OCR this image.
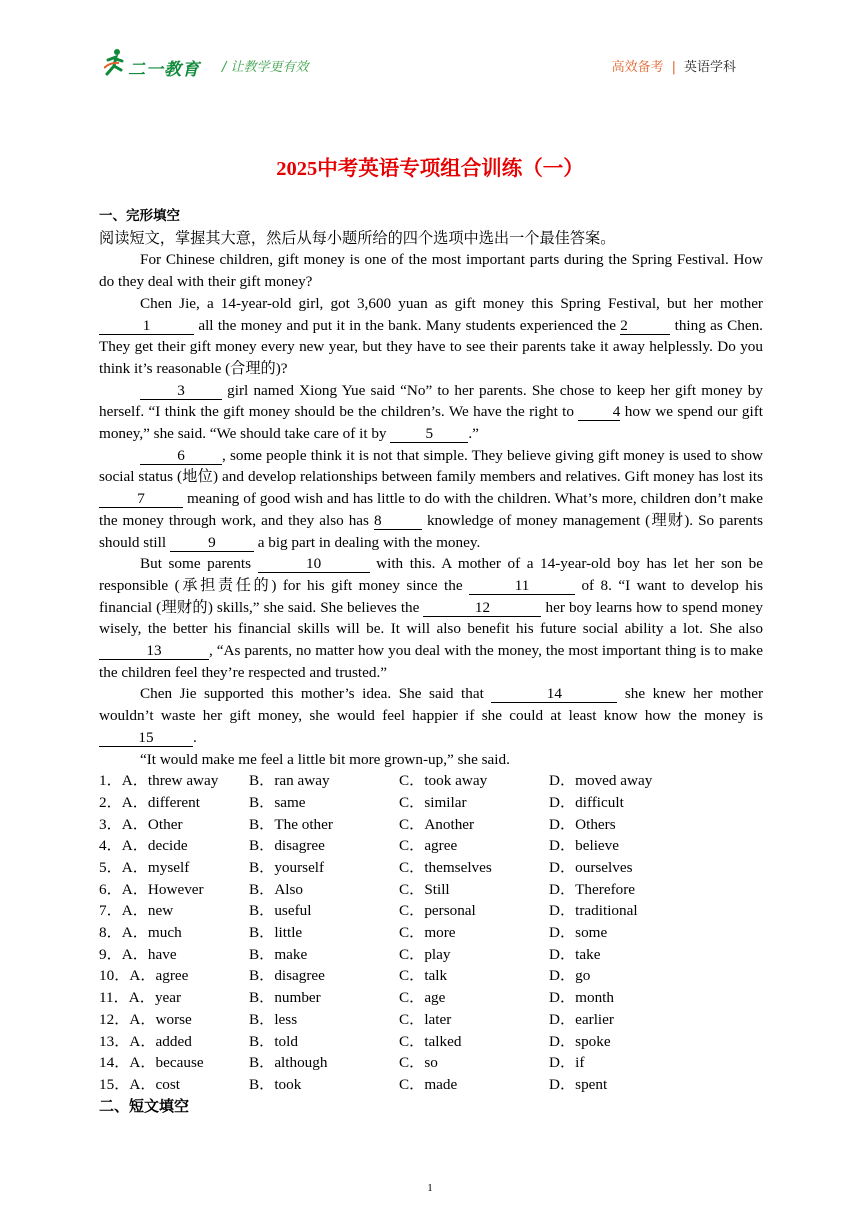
二一教育 / 让教学更有效	高效备考 | 英语学科
2025中考英语专项组合训练（一）
一、完形填空

阅读短文，掌握其大意，然后从每小题所给的四个选项中选出一个最佳答案。

For Chinese children, gift money is one of the most important parts during the Spring Festival. How do they deal with their gift money?

Chen Jie, a 14-year-old girl, got 3,600 yuan as gift money this Spring Festival, but her mother 1	all the money and put it in the bank. Many students experienced the 2	thing as Chen. They get their gift money every new year, but they have to see their parents take it away helplessly. Do you think it’s reasonable (合理的)?

3 girl named Xiong Yue said “No” to her parents. She chose to keep her gift money by herself. “I think the gift money should be the children’s. We have the right to 4 how we spend our gift money,” she said. “We should take care of it by 5 .”

6 , some people think it is not that simple. They believe giving gift money is used to show social status (地位) and develop relationships between family members and relatives. Gift money has lost its 7	meaning of good wish and has little to do with the children. What’s more, children don’t make the money through work, and they also has 8	knowledge of money management (理财). So parents should still	9	a big part in dealing with the money.

But some parents	10	with this. A mother of a 14-year-old boy has let her son be responsible (承担责任的) for his gift money since the	11	of 8. “I want to develop his financial (理财的) skills,” she said. She believes the	12	her boy learns how to spend money wisely, the better his financial skills will be. It will also benefit his future social ability a lot. She also 13	, “As parents, no matter how you deal with the money, the most important thing is to make the children feel they’re respected and trusted.”

Chen Jie supported this mother’s idea. She said that	14	she knew her mother wouldn’t waste her gift money, she would feel happier if she could at least know how the money is 15	.

“It would make me feel a little bit more grown-up,” she said.

1．A．threw away	B．ran away	C．took away	D．moved away
2．A．different	B．same	C．similar	D．difficult
3．A．Other	B．The other	C．Another	D．Others
4．A．decide	B．disagree	C．agree	D．believe
5．A．myself	B．yourself	C．themselves	D．ourselves
6．A．However	B．Also	C．Still	D．Therefore
7．A．new	B．useful	C．personal	D．traditional
8．A．much	B．little	C．more	D．some
9．A．have	B．make	C．play	D．take
10．A．agree	B．disagree	C．talk	D．go
11．A．year	B．number	C．age	D．month
12．A．worse	B．less	C．later	D．earlier
13．A．added	B．told	C．talked	D．spoke
14．A．because	B．although	C．so	D．if
15．A．cost	B．took	C．made	D．spent
二、短文填空
1
